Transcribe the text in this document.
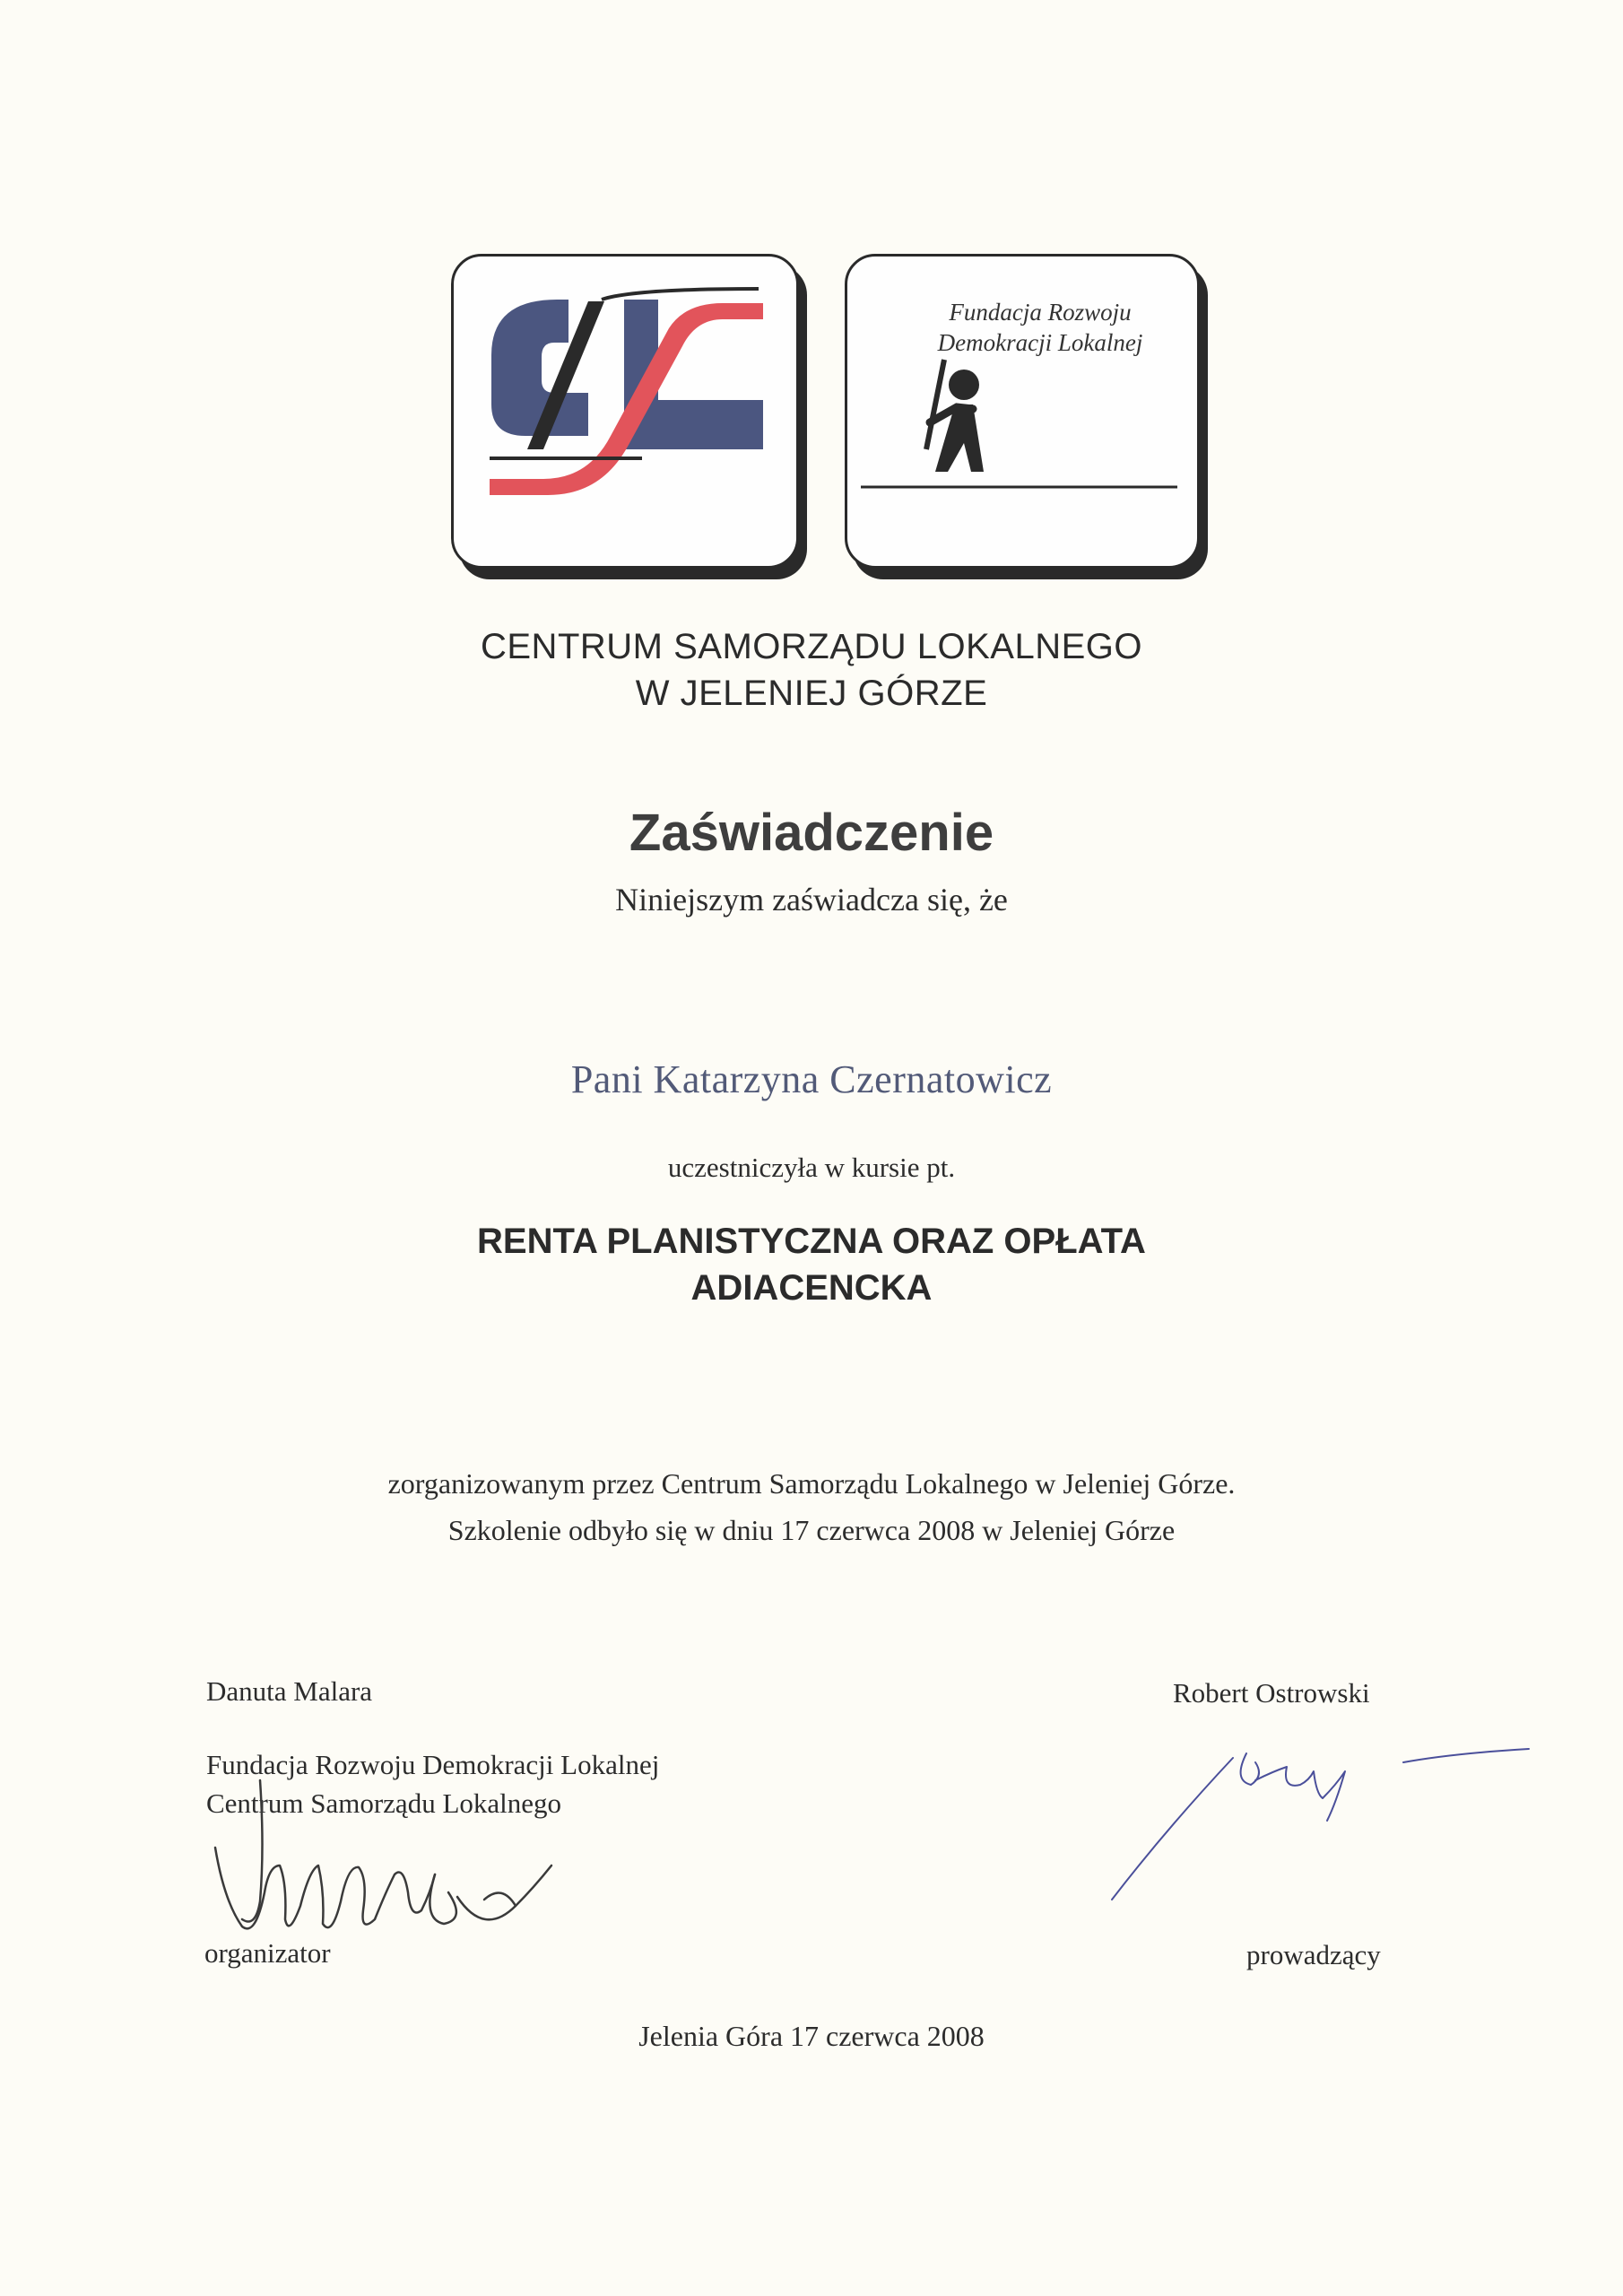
Fundacja Rozwoju
Demokracji Lokalnej
CENTRUM SAMORZĄDU LOKALNEGO
W JELENIEJ GÓRZE
Zaświadczenie
Niniejszym zaświadcza się, że
Pani Katarzyna Czernatowicz
uczestniczyła w kursie pt.
RENTA PLANISTYCZNA ORAZ OPŁATA
ADIACENCKA
zorganizowanym przez Centrum Samorządu Lokalnego w Jeleniej Górze.
Szkolenie odbyło się w dniu 17 czerwca 2008 w Jeleniej Górze
Danuta Malara
Fundacja Rozwoju Demokracji Lokalnej
Centrum Samorządu Lokalnego
organizator
Robert Ostrowski
prowadzący
Jelenia Góra 17 czerwca 2008
